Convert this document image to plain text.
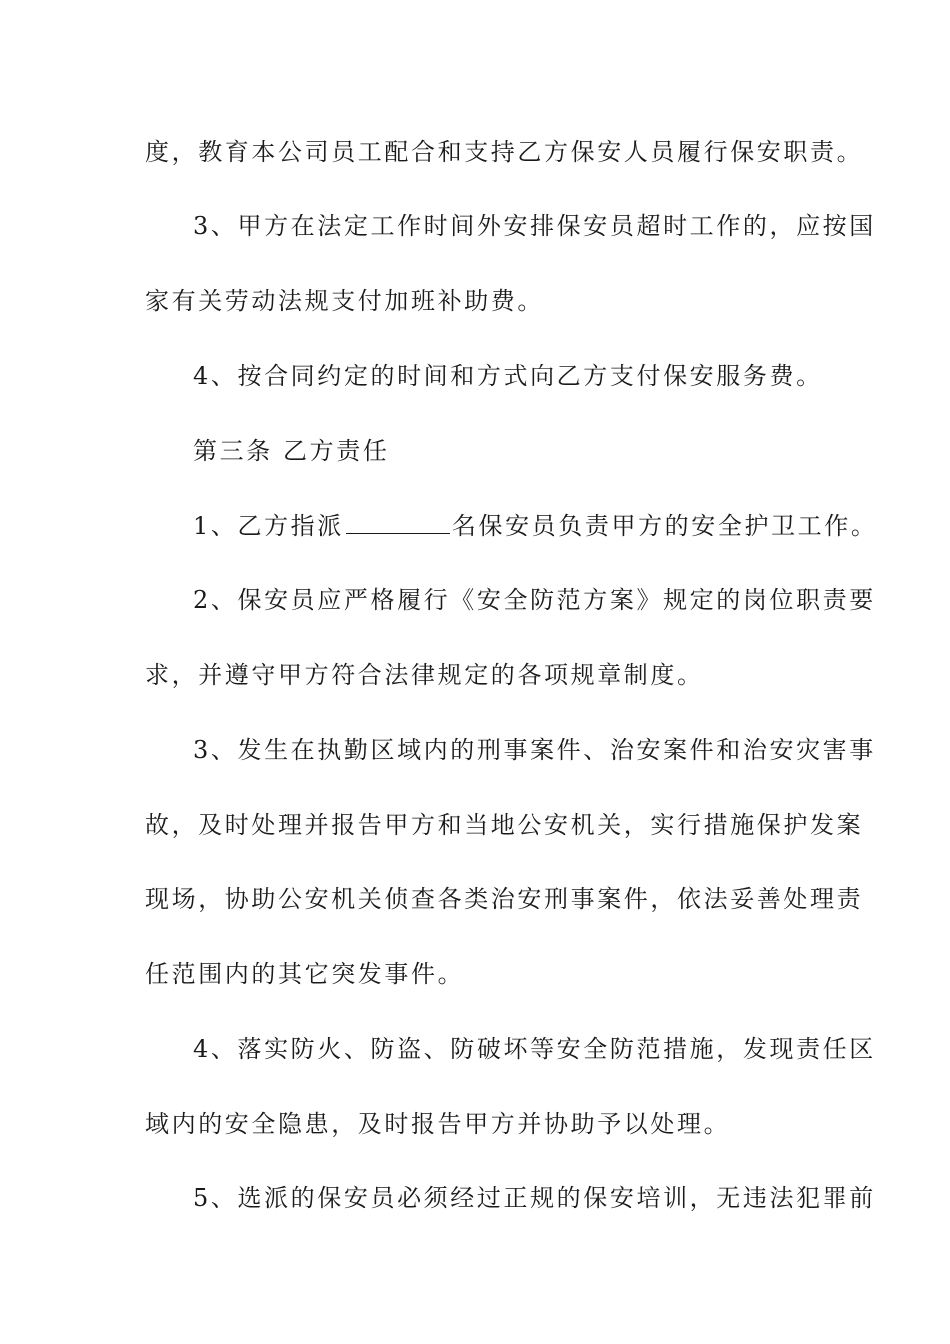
度，教育本公司员工配合和支持乙方保安人员履行保安职责。
3、甲方在法定工作时间外安排保安员超时工作的，应按国
家有关劳动法规支付加班补助费。
4、按合同约定的时间和方式向乙方支付保安服务费。
第三条 乙方责任
1、乙方指派	名保安员负责甲方的安全护卫工作。
2、保安员应严格履行《安全防范方案》规定的岗位职责要
求，并遵守甲方符合法律规定的各项规章制度。
3、发生在执勤区域内的刑事案件、治安案件和治安灾害事
故，及时处理并报告甲方和当地公安机关，实行措施保护发案
现场，协助公安机关侦查各类治安刑事案件，依法妥善处理责
任范围内的其它突发事件。
4、落实防火、防盗、防破坏等安全防范措施，发现责任区
域内的安全隐患，及时报告甲方并协助予以处理。
5、选派的保安员必须经过正规的保安培训，无违法犯罪前
